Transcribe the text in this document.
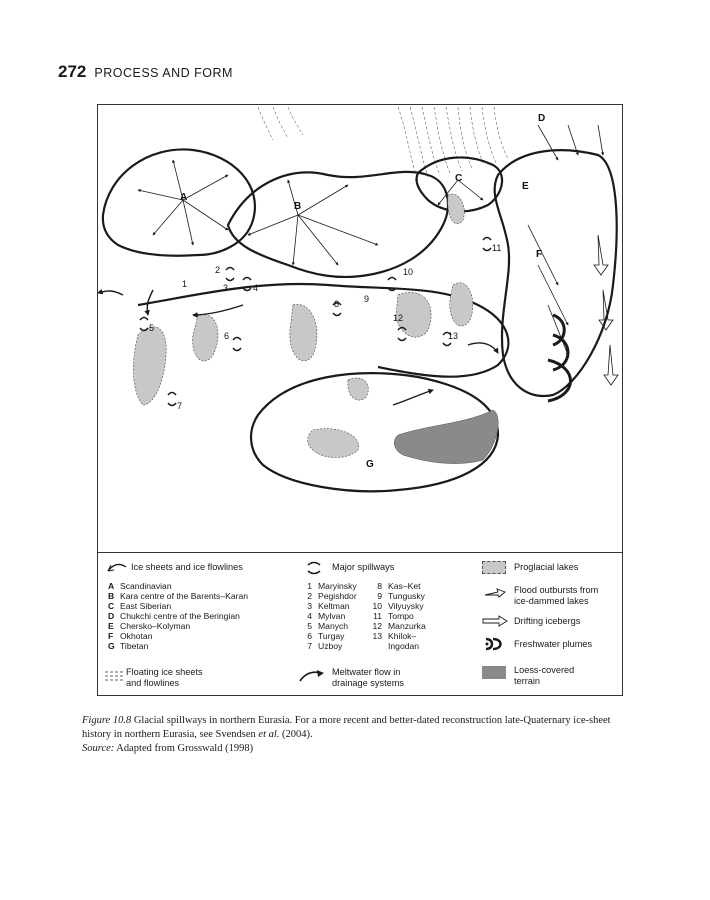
272 PROCESS AND FORM
A
B
C
D
E
F
G
1
2
3	4
5
6
7
8	9
10
11
12
13
Ice sheets and ice flowlines
A Scandinavian
B Kara centre of the Barents–Karan
C East Siberian
D Chukchi centre of the Beringian
E Chersko–Kolyman
F Okhotan
G Tibetan
Floating ice sheets
and flowlines
Major spillways
1 Maryinsky
2 Pegishdor
3 Keltman
4 Mylvan
5 Manych
6 Turgay
7 Uzboy
8 Kas–Ket
9 Tungusky
10 Vilyuysky
11 Tompo
12 Manzurka
13 Khilok–
Ingodan
Meltwater flow in
drainage systems
Proglacial lakes
Flood outbursts from
ice-dammed lakes
Drifting icebergs
Freshwater plumes
Loess-covered
terrain
Figure 10.8 Glacial spillways in northern Eurasia. For a more recent and better-dated reconstruction late-Quaternary ice-sheet history in northern Eurasia, see Svendsen et al. (2004).
Source: Adapted from Grosswald (1998)
